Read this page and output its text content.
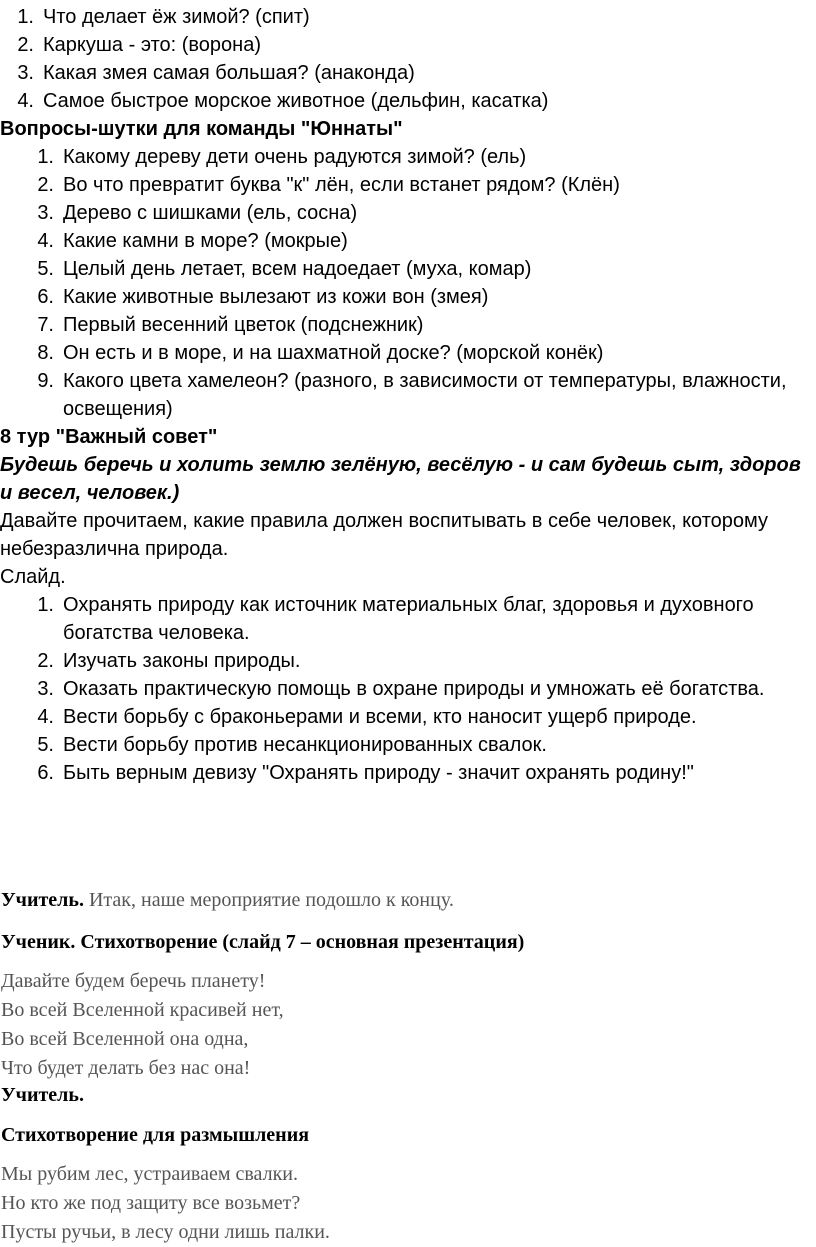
1. Что делает ёж зимой? (спит)
2. Каркуша - это: (ворона)
3. Какая змея самая большая? (анаконда)
4. Самое быстрое морское животное (дельфин, касатка)
Вопросы-шутки для команды "Юннаты"
1. Какому дереву дети очень радуются зимой? (ель)
2. Во что превратит буква "к" лён, если встанет рядом? (Клён)
3. Дерево с шишками (ель, сосна)
4. Какие камни в море? (мокрые)
5. Целый день летает, всем надоедает (муха, комар)
6. Какие животные вылезают из кожи вон (змея)
7. Первый весенний цветок (подснежник)
8. Он есть и в море, и на шахматной доске? (морской конёк)
9. Какого цвета хамелеон? (разного, в зависимости от температуры, влажности, освещения)
8 тур "Важный совет"
Будешь беречь и холить землю зелёную, весёлую - и сам будешь сыт, здоров и весел, человек.)
Давайте прочитаем, какие правила должен воспитывать в себе человек, которому небезразлична природа.
Слайд.
1. Охранять природу как источник материальных благ, здоровья и духовного богатства человека.
2. Изучать законы природы.
3. Оказать практическую помощь в охране природы и умножать её богатства.
4. Вести борьбу с браконьерами и всеми, кто наносит ущерб природе.
5. Вести борьбу против несанкционированных свалок.
6. Быть верным девизу "Охранять природу - значит охранять родину!"
Учитель. Итак, наше мероприятие подошло к концу.
Ученик. Стихотворение (слайд 7 – основная презентация)
Давайте будем беречь планету!
Во всей Вселенной красивей нет,
Во всей Вселенной она одна,
Что будет делать без нас она!
Учитель.
Стихотворение для размышления
Мы рубим лес, устраиваем свалки.
Но кто же под защиту все возьмет?
Пусты ручьи, в лесу одни лишь палки.
